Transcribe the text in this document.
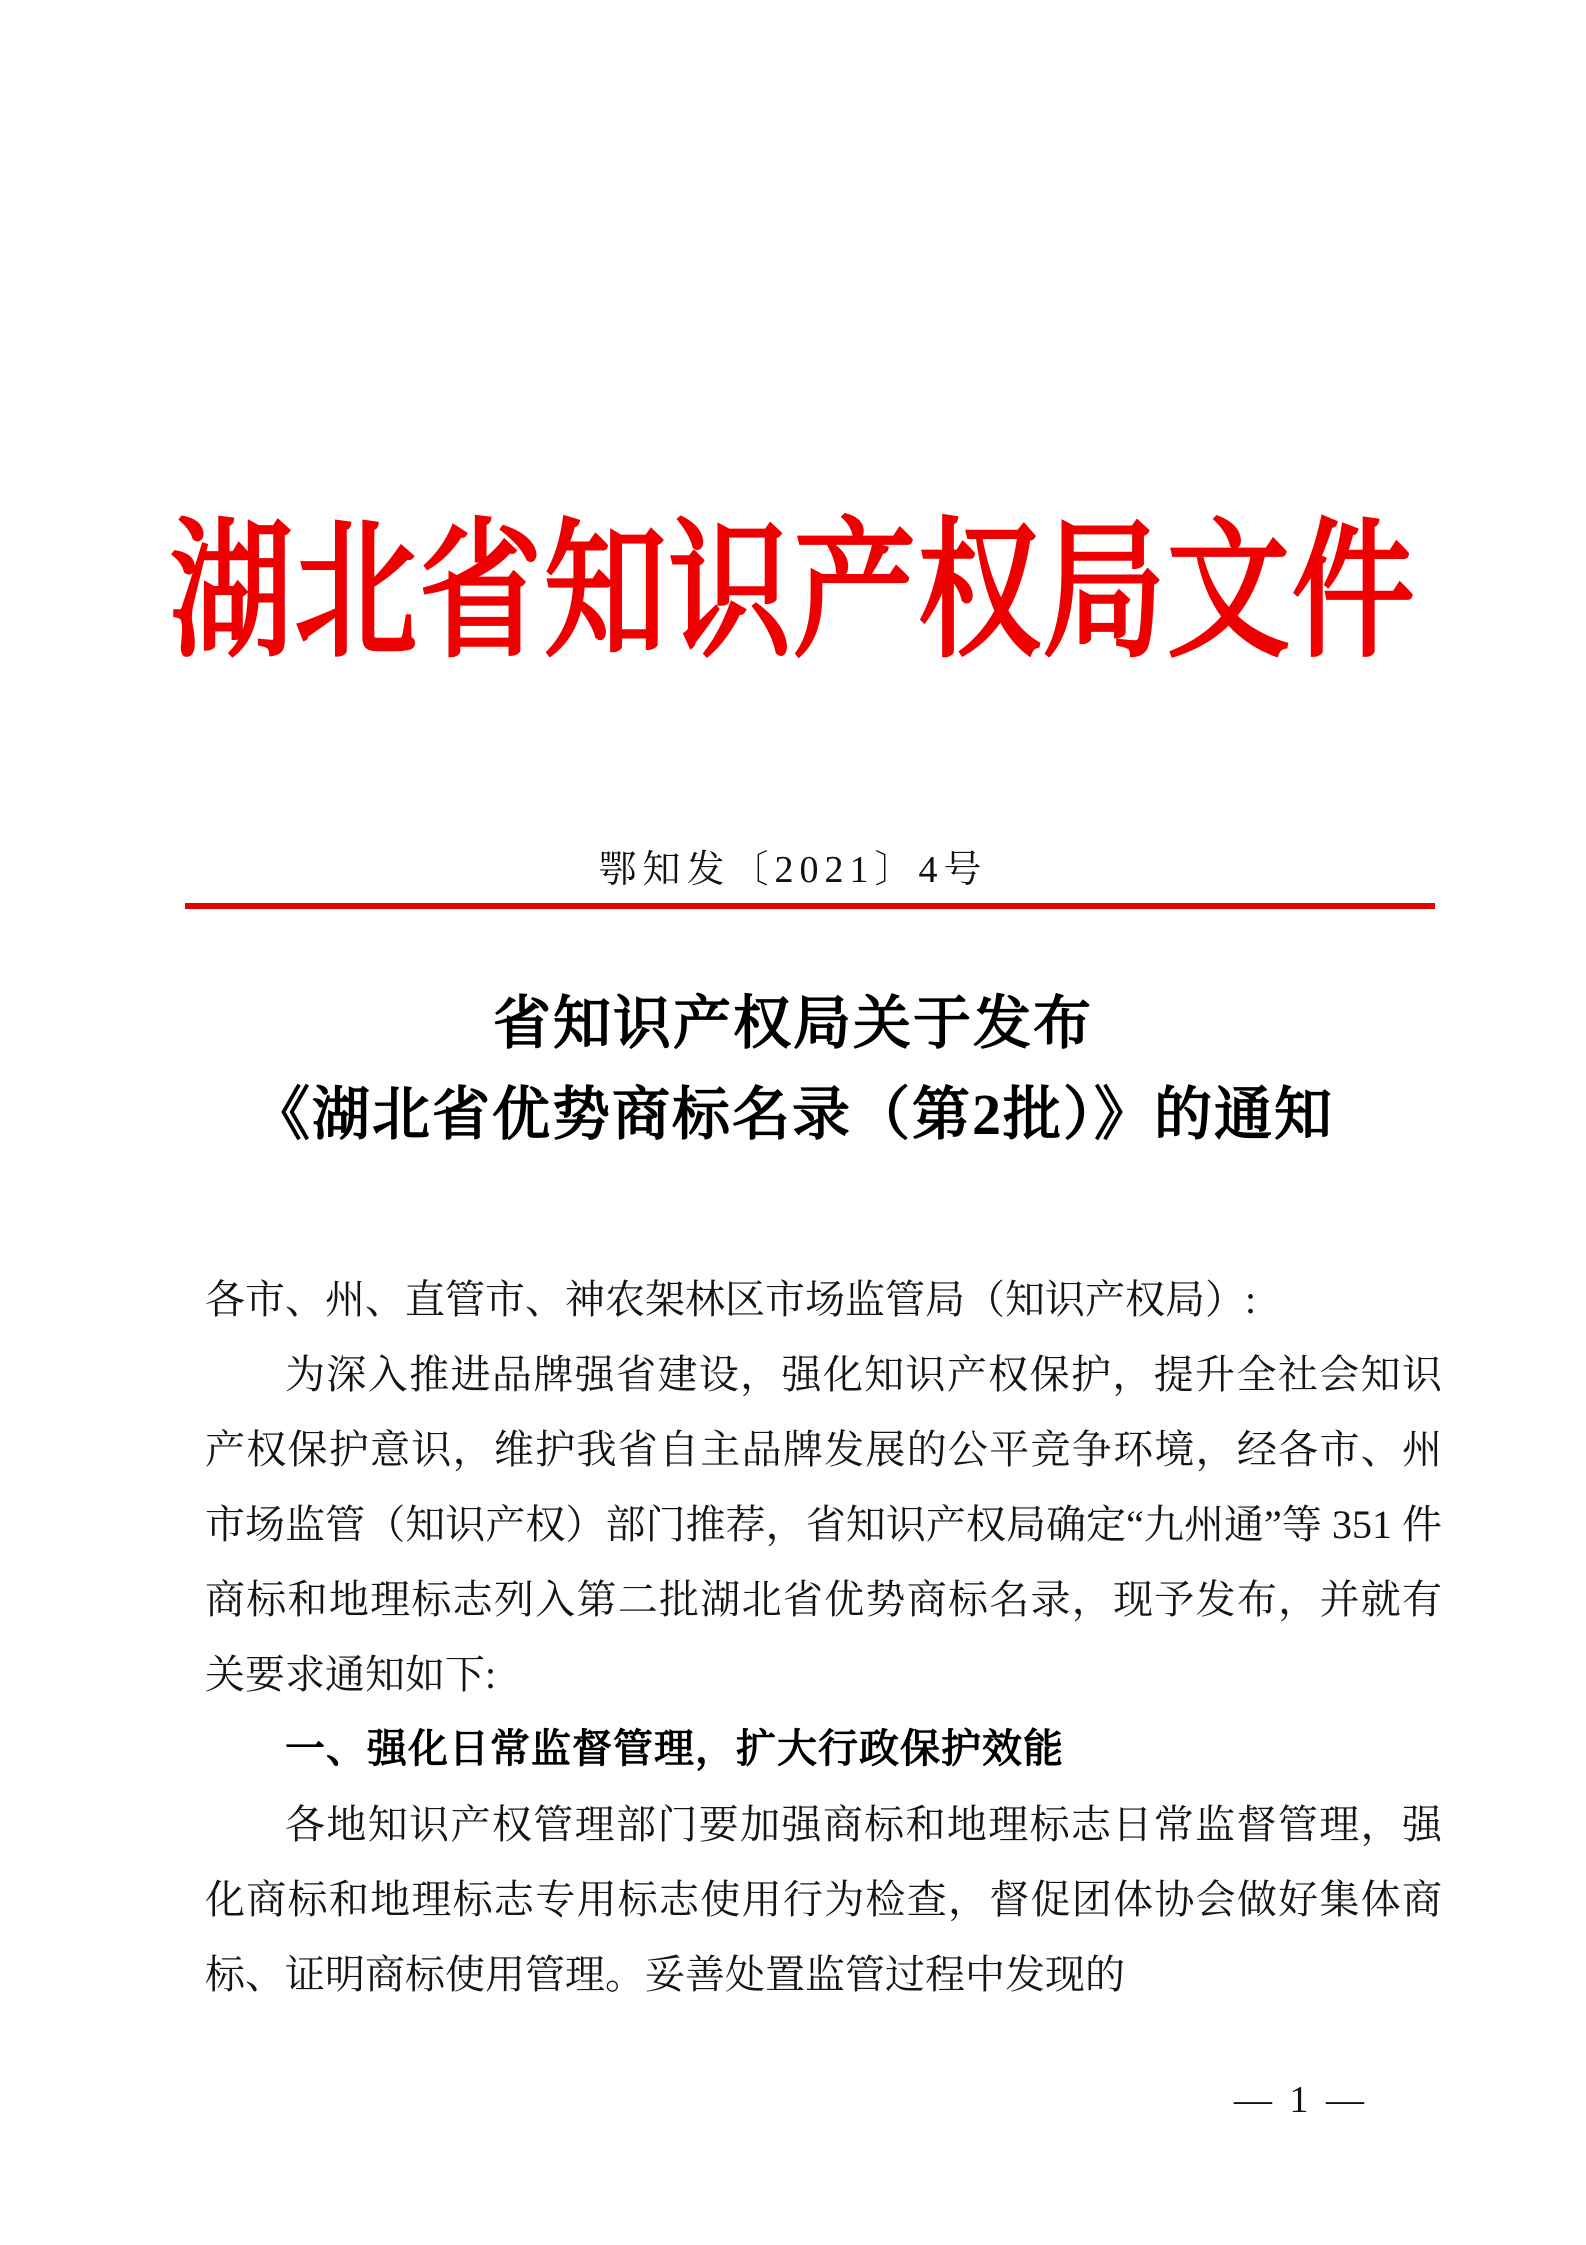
湖北省知识产权局文件
鄂知发〔2021〕4号
省知识产权局关于发布
《湖北省优势商标名录（第2批）》的通知

各市、州、直管市、神农架林区市场监管局（知识产权局）:

为深入推进品牌强省建设，强化知识产权保护，提升全社会知识产权保护意识，维护我省自主品牌发展的公平竞争环境，经各市、州市场监管（知识产权）部门推荐，省知识产权局确定“九州通”等 351 件商标和地理标志列入第二批湖北省优势商标名录，现予发布，并就有关要求通知如下:

一、强化日常监督管理，扩大行政保护效能

各地知识产权管理部门要加强商标和地理标志日常监督管理，强化商标和地理标志专用标志使用行为检查，督促团体协会做好集体商标、证明商标使用管理。妥善处置监管过程中发现的

— 1 —
